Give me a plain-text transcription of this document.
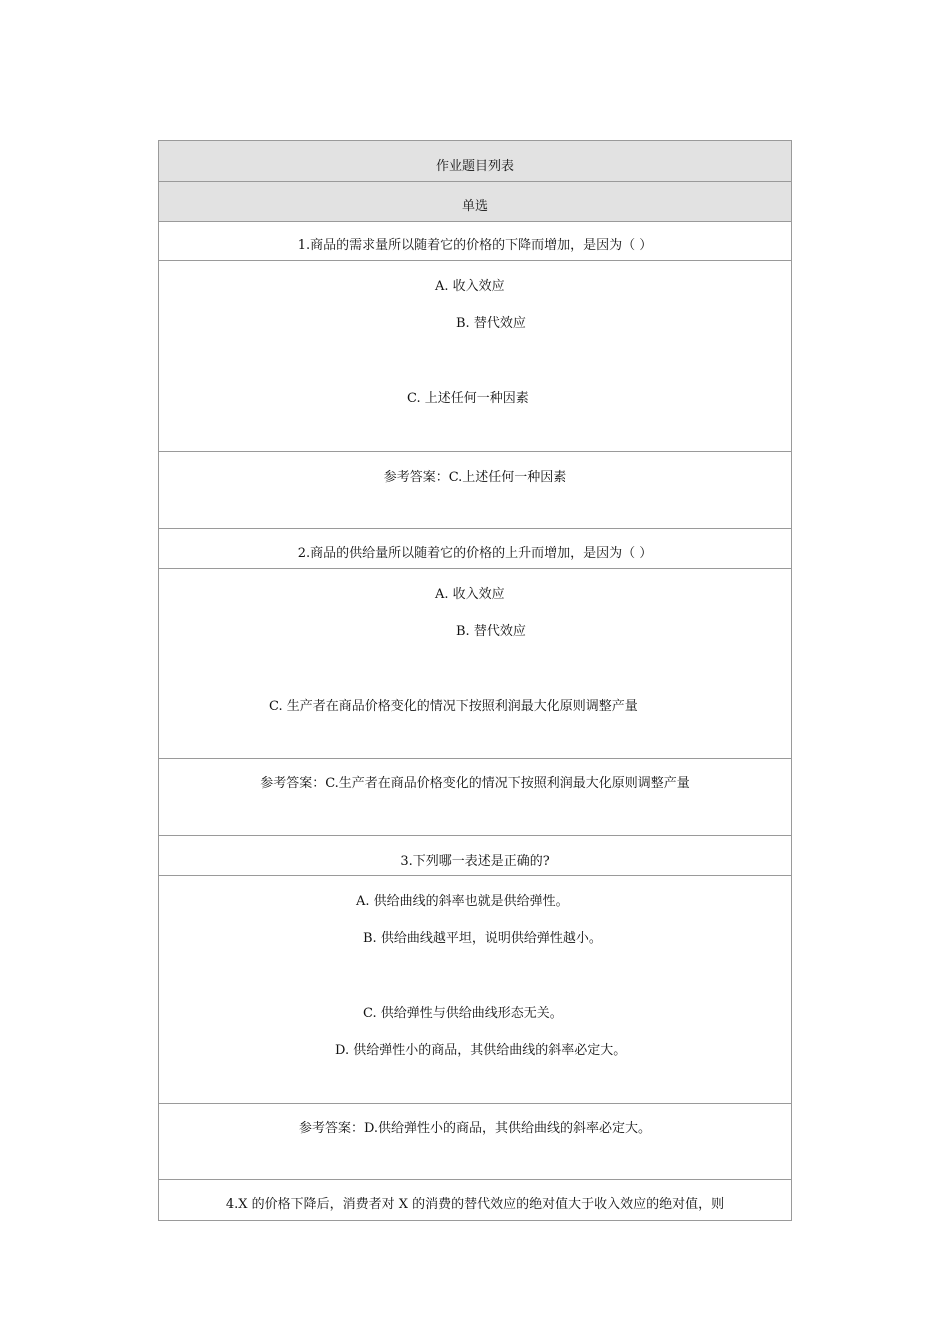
作业题目列表
单选
1.商品的需求量所以随着它的价格的下降而增加，是因为（ ）
A. 收入效应
B. 替代效应
C. 上述任何一种因素
参考答案：C.上述任何一种因素
2.商品的供给量所以随着它的价格的上升而增加，是因为（ ）
A. 收入效应
B. 替代效应
C. 生产者在商品价格变化的情况下按照利润最大化原则调整产量
参考答案：C.生产者在商品价格变化的情况下按照利润最大化原则调整产量
3.下列哪一表述是正确的?
A. 供给曲线的斜率也就是供给弹性。
B. 供给曲线越平坦，说明供给弹性越小。
C. 供给弹性与供给曲线形态无关。
D. 供给弹性小的商品，其供给曲线的斜率必定大。
参考答案：D.供给弹性小的商品，其供给曲线的斜率必定大。
4.X 的价格下降后，消费者对 X 的消费的替代效应的绝对值大于收入效应的绝对值，则
